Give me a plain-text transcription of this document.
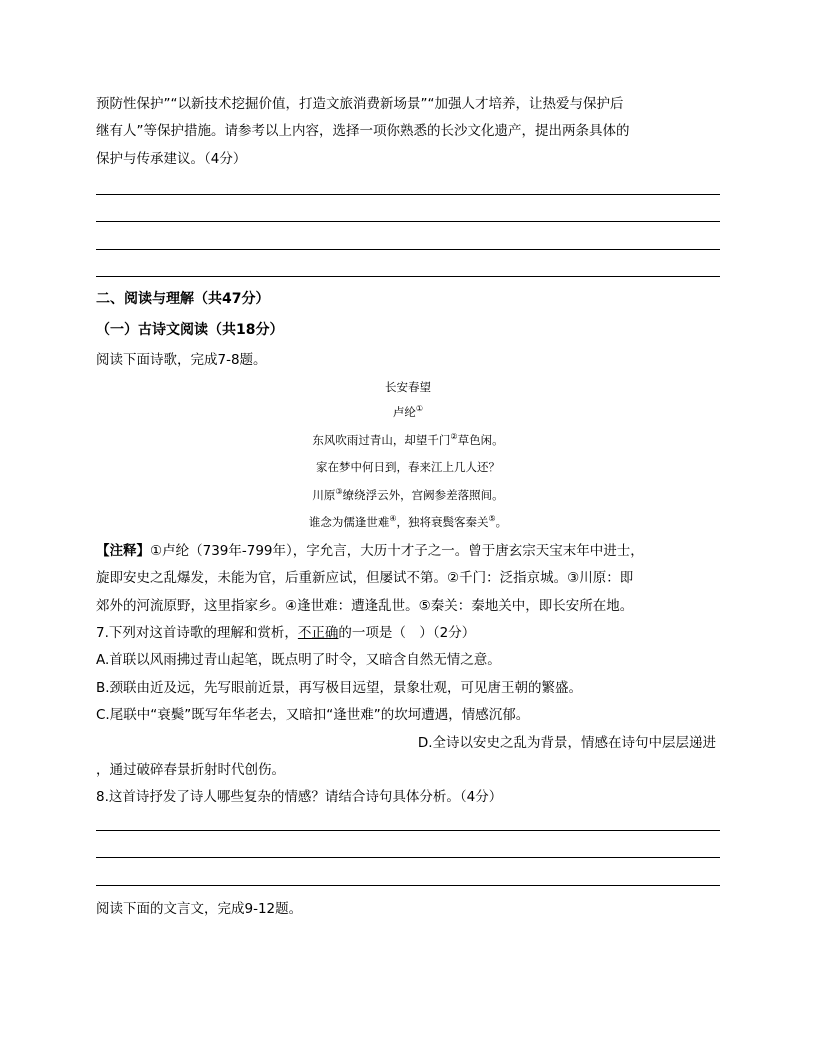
预防性保护”“以新技术挖掘价值，打造文旅消费新场景”“加强人才培养，让热爱与保护后
继有人”等保护措施。请参考以上内容，选择一项你熟悉的长沙文化遗产，提出两条具体的
保护与传承建议。（4分）
二、阅读与理解（共47分）
（一）古诗文阅读（共18分）
阅读下面诗歌，完成7-8题。
长安春望
卢纶①
东风吹雨过青山，却望千门②草色闲。
家在梦中何日到，春来江上几人还？
川原③缭绕浮云外，宫阙参差落照间。
谁念为儒逢世难④，独将衰鬓客秦关⑤。
【注释】①卢纶（739年-799年），字允言，大历十才子之一。曾于唐玄宗天宝末年中进士，
旋即安史之乱爆发，未能为官，后重新应试，但屡试不第。②千门：泛指京城。③川原：即
郊外的河流原野，这里指家乡。④逢世难：遭逢乱世。⑤秦关：秦地关中，即长安所在地。
7.下列对这首诗歌的理解和赏析，不正确的一项是（　）（2分）
A.首联以风雨拂过青山起笔，既点明了时令，又暗含自然无情之意。
B.颈联由近及远，先写眼前近景，再写极目远望，景象壮观，可见唐王朝的繁盛。
C.尾联中“衰鬓”既写年华老去，又暗扣“逢世难”的坎坷遭遇，情感沉郁。
D.全诗以安史之乱为背景，情感在诗句中层层递进
，通过破碎春景折射时代创伤。
8.这首诗抒发了诗人哪些复杂的情感？请结合诗句具体分析。（4分）
阅读下面的文言文，完成9-12题。
